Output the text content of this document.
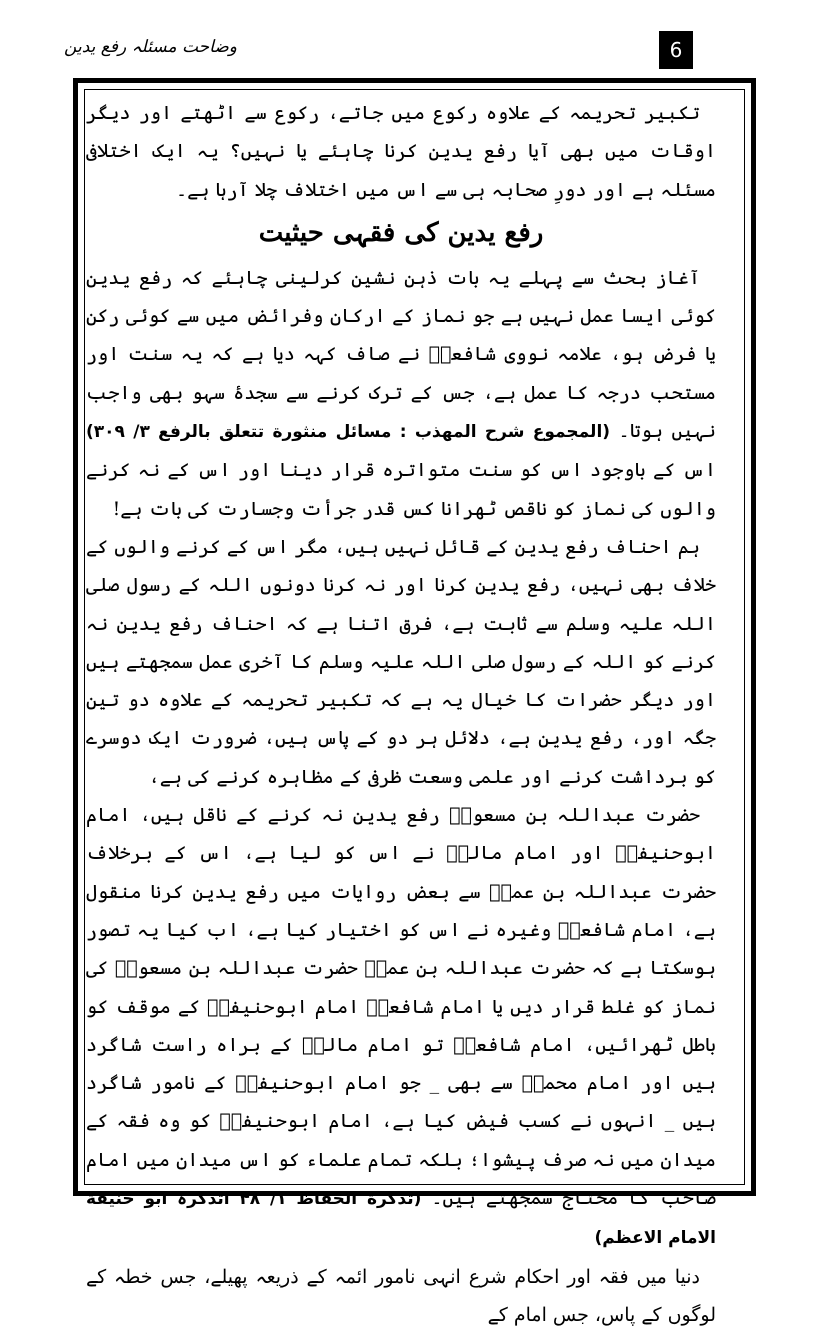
وضاحت مسئلہ رفع یدین	6

تکبیر تحریمہ کے علاوہ رکوع میں جاتے، رکوع سے اٹھتے اور دیگر اوقات میں بھی آیا رفع یدین کرنا چاہئے یا نہیں؟ یہ ایک اختلافی مسئلہ ہے اور دورِ صحابہ ہی سے اس میں اختلاف چلا آرہا ہے۔

رفع یدین کی فقہی حیثیت

آغاز بحث سے پہلے یہ بات ذہن نشین کرلینی چاہئے کہ رفع یدین کوئی ایسا عمل نہیں ہے جو نماز کے ارکان وفرائض میں سے کوئی رکن یا فرض ہو، علامہ نووی شافعیؒ نے صاف کہہ دیا ہے کہ یہ سنت اور مستحب درجہ کا عمل ہے، جس کے ترک کرنے سے سجدۂ سہو بھی واجب نہیں ہوتا۔ (المجموع شرح المهذب : مسائل منثورة تتعلق بالرفع ۳/ ۳۰۹) اس کے باوجود اس کو سنت متواترہ قرار دینا اور اس کے نہ کرنے والوں کی نماز کو ناقص ٹھرانا کس قدر جرأت وجسارت کی بات ہے!

ہم احناف رفع یدین کے قائل نہیں ہیں، مگر اس کے کرنے والوں کے خلاف بھی نہیں، رفع یدین کرنا اور نہ کرنا دونوں اللہ کے رسول صلی اللہ علیہ وسلم سے ثابت ہے، فرق اتنا ہے کہ احناف رفع یدین نہ کرنے کو اللہ کے رسول صلی اللہ علیہ وسلم کا آخری عمل سمجھتے ہیں اور دیگر حضرات کا خیال یہ ہے کہ تکبیر تحریمہ کے علاوہ دو تین جگہ اور، رفع یدین ہے، دلائل ہر دو کے پاس ہیں، ضرورت ایک دوسرے کو برداشت کرنے اور علمی وسعت ظرفی کے مظاہرہ کرنے کی ہے،

حضرت عبداللہ بن مسعودؓ رفع یدین نہ کرنے کے ناقل ہیں، امام ابوحنیفہؒ اور امام مالکؒ نے اس کو لیا ہے، اس کے برخلاف حضرت عبداللہ بن عمرؓ سے بعض روایات میں رفع یدین کرنا منقول ہے، امام شافعیؒ وغیرہ نے اس کو اختیار کیا ہے، اب کیا یہ تصور ہوسکتا ہے کہ حضرت عبداللہ بن عمرؓ حضرت عبداللہ بن مسعودؓ کی نماز کو غلط قرار دیں یا امام شافعیؒ امام ابوحنیفہؒ کے موقف کو باطل ٹھرائیں، امام شافعیؒ تو امام مالکؒ کے براہ راست شاگرد ہیں اور امام محمدؒ سے بھی _ جو امام ابوحنیفہؒ کے نامور شاگرد ہیں _ انہوں نے کسب فیض کیا ہے، امام ابوحنیفہؒ کو وہ فقہ کے میدان میں نہ صرف پیشوا؛ بلکہ تمام علماء کو اس میدان میں امام صاحب کا محتاج سمجھتے ہیں۔ (تذكرة الحفاظ ۱/ ۴۸ اتذکرہ ابو حنيفة الامام الاعظم)

دنیا میں فقہ اور احکام شرع انہی نامور ائمہ کے ذریعہ پھیلے، جس خطہ کے لوگوں کے پاس، جس امام کے
